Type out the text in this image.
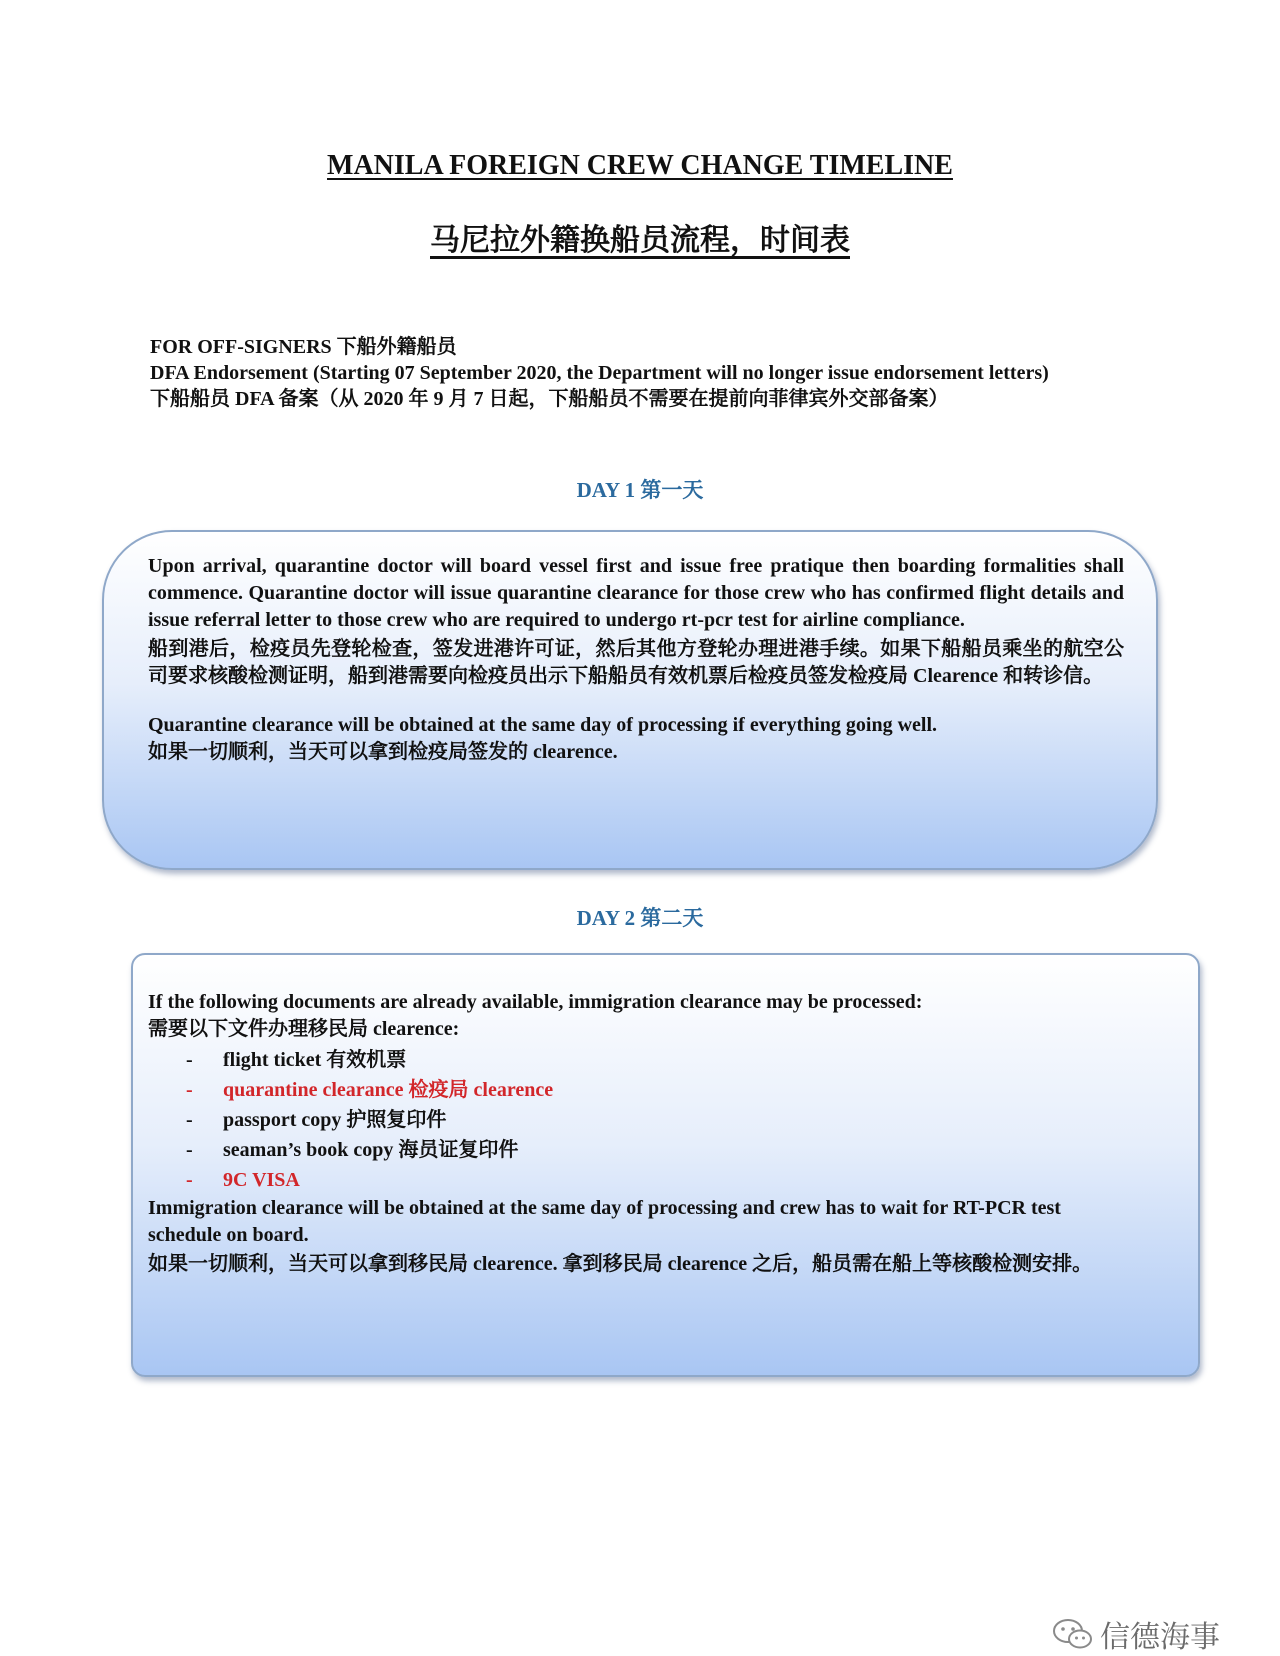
MANILA FOREIGN CREW CHANGE TIMELINE
马尼拉外籍换船员流程，时间表
FOR OFF-SIGNERS 下船外籍船员
DFA Endorsement (Starting 07 September 2020, the Department will no longer issue endorsement letters)
下船船员 DFA 备案（从 2020 年 9 月 7 日起，下船船员不需要在提前向菲律宾外交部备案）
DAY 1 第一天
Upon arrival, quarantine doctor will board vessel first and issue free pratique then boarding formalities shall commence. Quarantine doctor will issue quarantine clearance for those crew who has confirmed flight details and issue referral letter to those crew who are required to undergo rt-pcr test for airline compliance.
船到港后，检疫员先登轮检查，签发进港许可证，然后其他方登轮办理进港手续。如果下船船员乘坐的航空公司要求核酸检测证明，船到港需要向检疫员出示下船船员有效机票后检疫员签发检疫局 Clearence 和转诊信。
Quarantine clearance will be obtained at the same day of processing if everything going well.
如果一切顺利，当天可以拿到检疫局签发的 clearence.
DAY 2 第二天
If the following documents are already available, immigration clearance may be processed:
需要以下文件办理移民局 clearence:
-	flight ticket 有效机票
-	quarantine clearance 检疫局 clearence
-	passport copy 护照复印件
-	seaman’s book copy 海员证复印件
-	9C VISA
Immigration clearance will be obtained at the same day of processing and crew has to wait for RT-PCR test schedule on board.
如果一切顺利，当天可以拿到移民局 clearence. 拿到移民局 clearence 之后，船员需在船上等核酸检测安排。
信德海事
